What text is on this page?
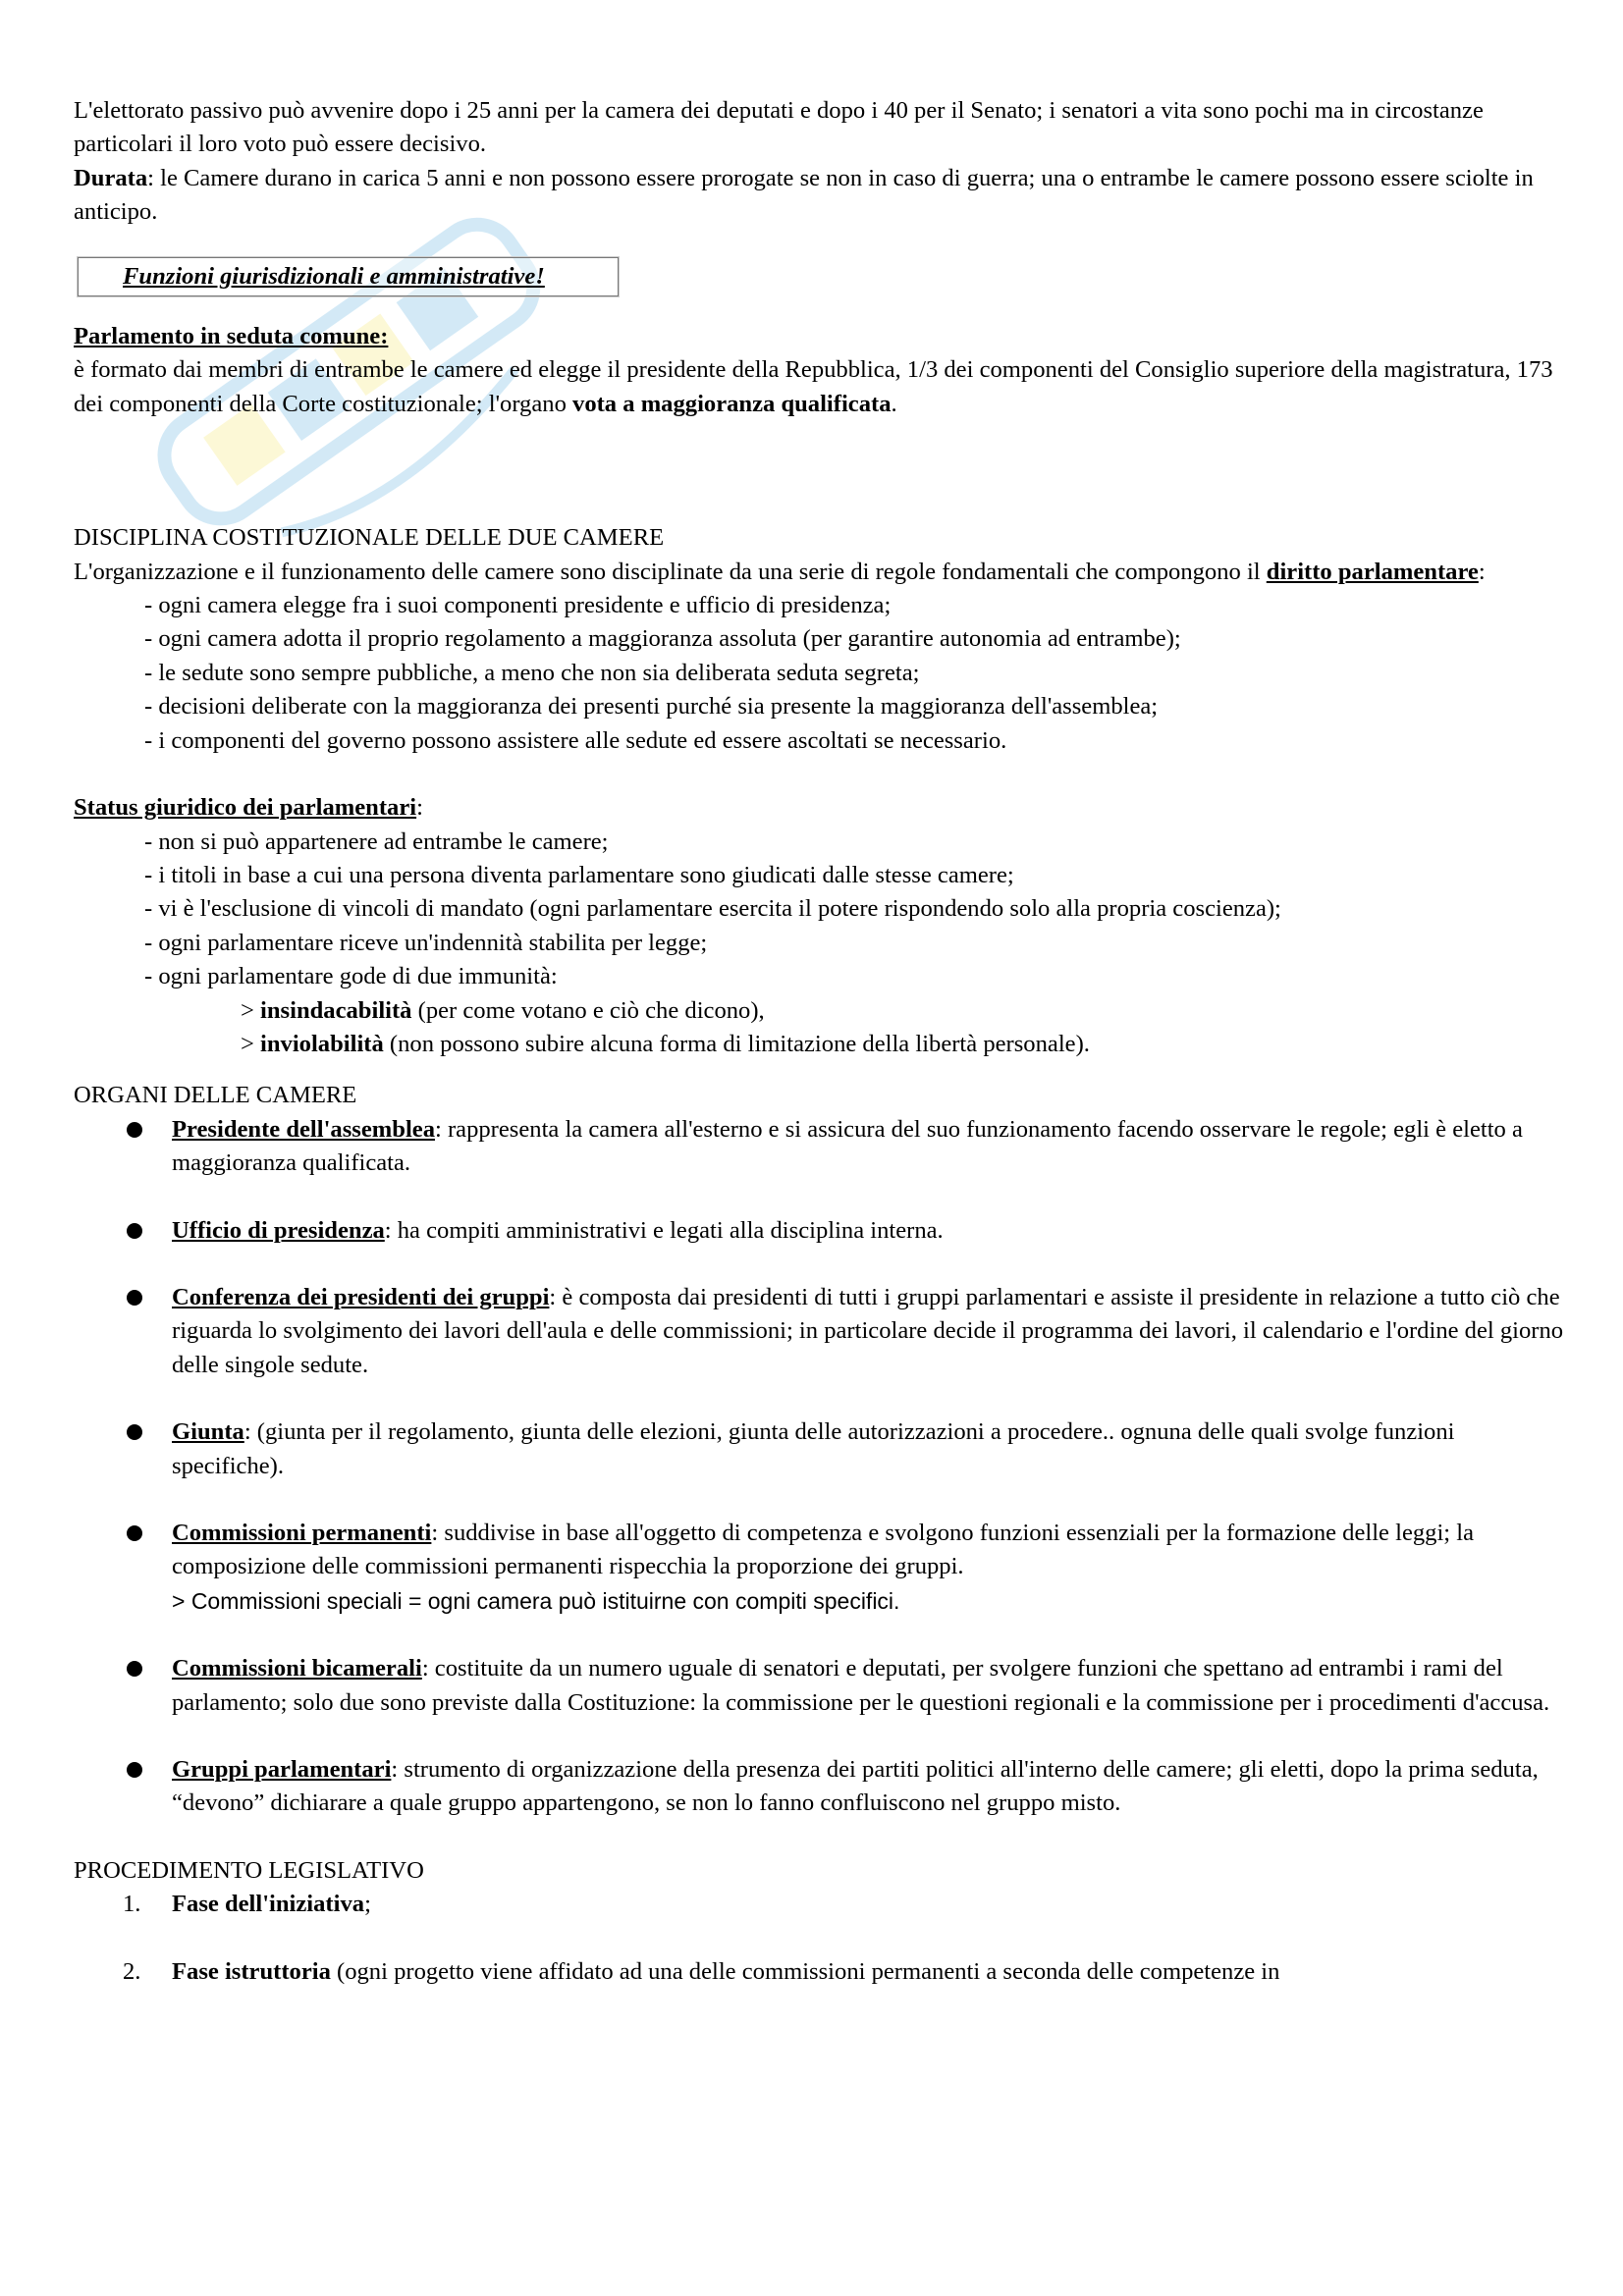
L'elettorato passivo può avvenire dopo i 25 anni per la camera dei deputati e dopo i 40 per il Senato; i senatori a vita sono pochi ma in circostanze particolari il loro voto può essere decisivo.

Durata: le Camere durano in carica 5 anni e non possono essere prorogate se non in caso di guerra; una o entrambe le camere possono essere sciolte in anticipo.

Funzioni giurisdizionali e amministrative!

Parlamento in seduta comune:

è formato dai membri di entrambe le camere ed elegge il presidente della Repubblica, 1/3 dei componenti del Consiglio superiore della magistratura, 173 dei componenti della Corte costituzionale; l'organo vota a maggioranza qualificata.

DISCIPLINA COSTITUZIONALE DELLE DUE CAMERE

L'organizzazione e il funzionamento delle camere sono disciplinate da una serie di regole fondamentali che compongono il diritto parlamentare:

- ogni camera elegge fra i suoi componenti presidente e ufficio di presidenza;

- ogni camera adotta il proprio regolamento a maggioranza assoluta (per garantire autonomia ad entrambe);

- le sedute sono sempre pubbliche, a meno che non sia deliberata seduta segreta;

- decisioni deliberate con la maggioranza dei presenti purché sia presente la maggioranza dell'assemblea;

- i componenti del governo possono assistere alle sedute ed essere ascoltati se necessario.

Status giuridico dei parlamentari:

- non si può appartenere ad entrambe le camere;

- i titoli in base a cui una persona diventa parlamentare sono giudicati dalle stesse camere;

- vi è l'esclusione di vincoli di mandato (ogni parlamentare esercita il potere rispondendo solo alla propria coscienza);

- ogni parlamentare riceve un'indennità stabilita per legge;

- ogni parlamentare gode di due immunità:

> insindacabilità (per come votano e ciò che dicono),

> inviolabilità (non possono subire alcuna forma di limitazione della libertà personale).

ORGANI DELLE CAMERE

Presidente dell'assemblea: rappresenta la camera all'esterno e si assicura del suo funzionamento facendo osservare le regole; egli è eletto a maggioranza qualificata.
Ufficio di presidenza: ha compiti amministrativi e legati alla disciplina interna.
Conferenza dei presidenti dei gruppi: è composta dai presidenti di tutti i gruppi parlamentari e assiste il presidente in relazione a tutto ciò che riguarda lo svolgimento dei lavori dell'aula e delle commissioni; in particolare decide il programma dei lavori, il calendario e l'ordine del giorno delle singole sedute.
Giunta: (giunta per il regolamento, giunta delle elezioni, giunta delle autorizzazioni a procedere.. ognuna delle quali svolge funzioni specifiche).
Commissioni permanenti: suddivise in base all'oggetto di competenza e svolgono funzioni essenziali per la formazione delle leggi; la composizione delle commissioni permanenti rispecchia la proporzione dei gruppi.
> Commissioni speciali = ogni camera può istituirne con compiti specifici.
Commissioni bicamerali: costituite da un numero uguale di senatori e deputati, per svolgere funzioni che spettano ad entrambi i rami del parlamento; solo due sono previste dalla Costituzione: la commissione per le questioni regionali e la commissione per i procedimenti d'accusa.
Gruppi parlamentari: strumento di organizzazione della presenza dei partiti politici all'interno delle camere; gli eletti, dopo la prima seduta, “devono” dichiarare a quale gruppo appartengono, se non lo fanno confluiscono nel gruppo misto.

PROCEDIMENTO LEGISLATIVO

1. Fase dell'iniziativa;
2. Fase istruttoria (ogni progetto viene affidato ad una delle commissioni permanenti a seconda delle competenze in
